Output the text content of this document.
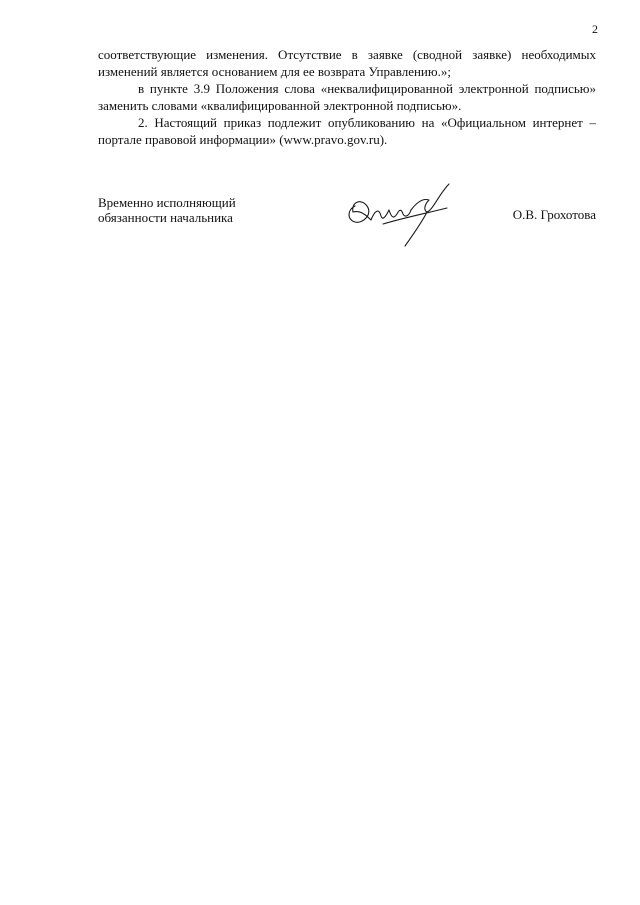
2

соответствующие изменения. Отсутствие в заявке (сводной заявке) необходимых изменений является основанием для ее возврата Управлению.»;

в пункте 3.9 Положения слова «неквалифицированной электронной подписью» заменить словами «квалифицированной электронной подписью».

2. Настоящий приказ подлежит опубликованию на «Официальном интернет – портале правовой информации» (www.pravo.gov.ru).

Временно исполняющий
обязанности начальника	О.В. Грохотова
